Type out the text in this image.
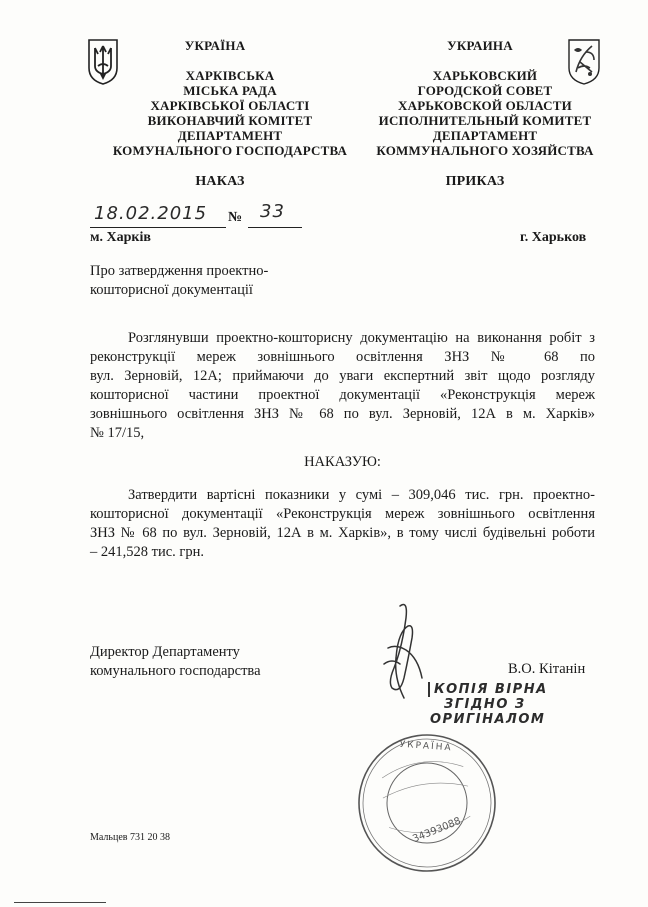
УКРАЇНА
ХАРКІВСЬКА
МІСЬКА РАДА
ХАРКІВСЬКОЇ ОБЛАСТІ
ВИКОНАВЧИЙ КОМІТЕТ
ДЕПАРТАМЕНТ
КОМУНАЛЬНОГО ГОСПОДАРСТВА
НАКАЗ
УКРАИНА
ХАРЬКОВСКИЙ
ГОРОДСКОЙ СОВЕТ
ХАРЬКОВСКОЙ ОБЛАСТИ
ИСПОЛНИТЕЛЬНЫЙ КОМИТЕТ
ДЕПАРТАМЕНТ
КОММУНАЛЬНОГО ХОЗЯЙСТВА
ПРИКАЗ
18.02.2015 № 33
м. Харків	г. Харьков
Про затвердження проектно-
кошторисної документації
Розглянувши проектно-кошторисну документацію на виконання робіт з
реконструкції мереж зовнішнього освітлення ЗНЗ № 68 по
вул. Зерновій, 12А; приймаючи до уваги експертний звіт щодо розгляду
кошторисної частини проектної документації «Реконструкція мереж
зовнішнього освітлення ЗНЗ № 68 по вул. Зерновій, 12А в м. Харків»
№ 17/15,
НАКАЗУЮ:
Затвердити вартісні показники у сумі – 309,046 тис. грн. проектно-
кошторисної документації «Реконструкція мереж зовнішнього освітлення
ЗНЗ № 68 по вул. Зерновій, 12А в м. Харків», в тому числі будівельні роботи
– 241,528 тис. грн.
Директор Департаменту
комунального господарства	В.О. Кітанін
КОПІЯ ВІРНА
ЗГІДНО З
ОРИГІНАЛОМ
УКРАЇНА
34393088
Мальцев 731 20 38
